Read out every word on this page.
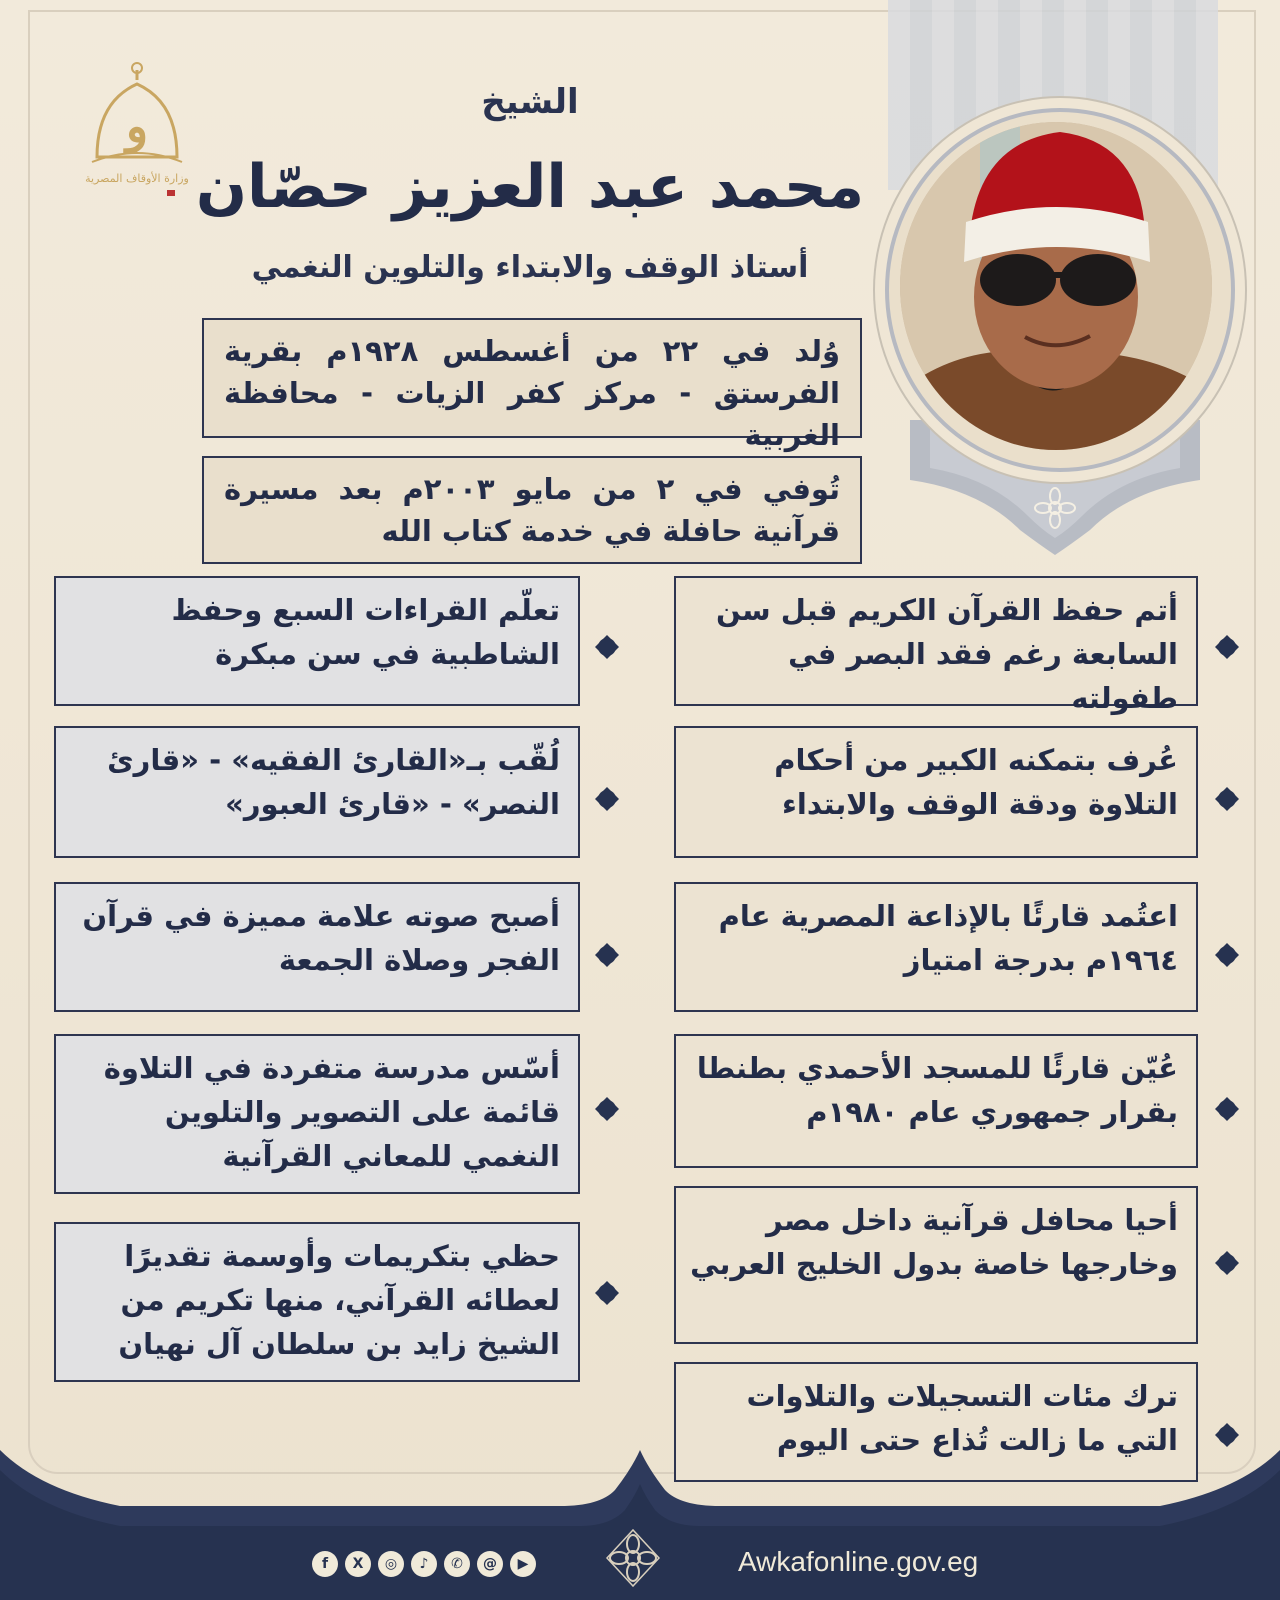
و
وزارة الأوقاف المصرية

الشيخ

محمد عبد العزيز حصّان

أستاذ الوقف والابتداء والتلوين النغمي

وُلد في ٢٢ من أغسطس ١٩٢٨م بقرية الفرستق - مركز كفر الزيات - محافظة الغربية
تُوفي في ٢ من مايو ٢٠٠٣م بعد مسيرة قرآنية حافلة في خدمة كتاب الله
أتم حفظ القرآن الكريم قبل سن السابعة رغم فقد البصر في طفولته
عُرف بتمكنه الكبير من أحكام التلاوة ودقة الوقف والابتداء
اعتُمد قارئًا بالإذاعة المصرية عام ١٩٦٤م بدرجة امتياز
عُيّن قارئًا للمسجد الأحمدي بطنطا بقرار جمهوري عام ١٩٨٠م
أحيا محافل قرآنية داخل مصر وخارجها خاصة بدول الخليج العربي
ترك مئات التسجيلات والتلاوات التي ما زالت تُذاع حتى اليوم
تعلّم القراءات السبع وحفظ الشاطبية في سن مبكرة
لُقّب بـ«القارئ الفقيه» - «قارئ النصر» - «قارئ العبور»
أصبح صوته علامة مميزة في قرآن الفجر وصلاة الجمعة
أسّس مدرسة متفردة في التلاوة قائمة على التصوير والتلوين النغمي للمعاني القرآنية
حظي بتكريمات وأوسمة تقديرًا لعطائه القرآني، منها تكريم من الشيخ زايد بن سلطان آل نهيان

Awkafonline.gov.eg

f	X	◎	♪	✆	@	▶
